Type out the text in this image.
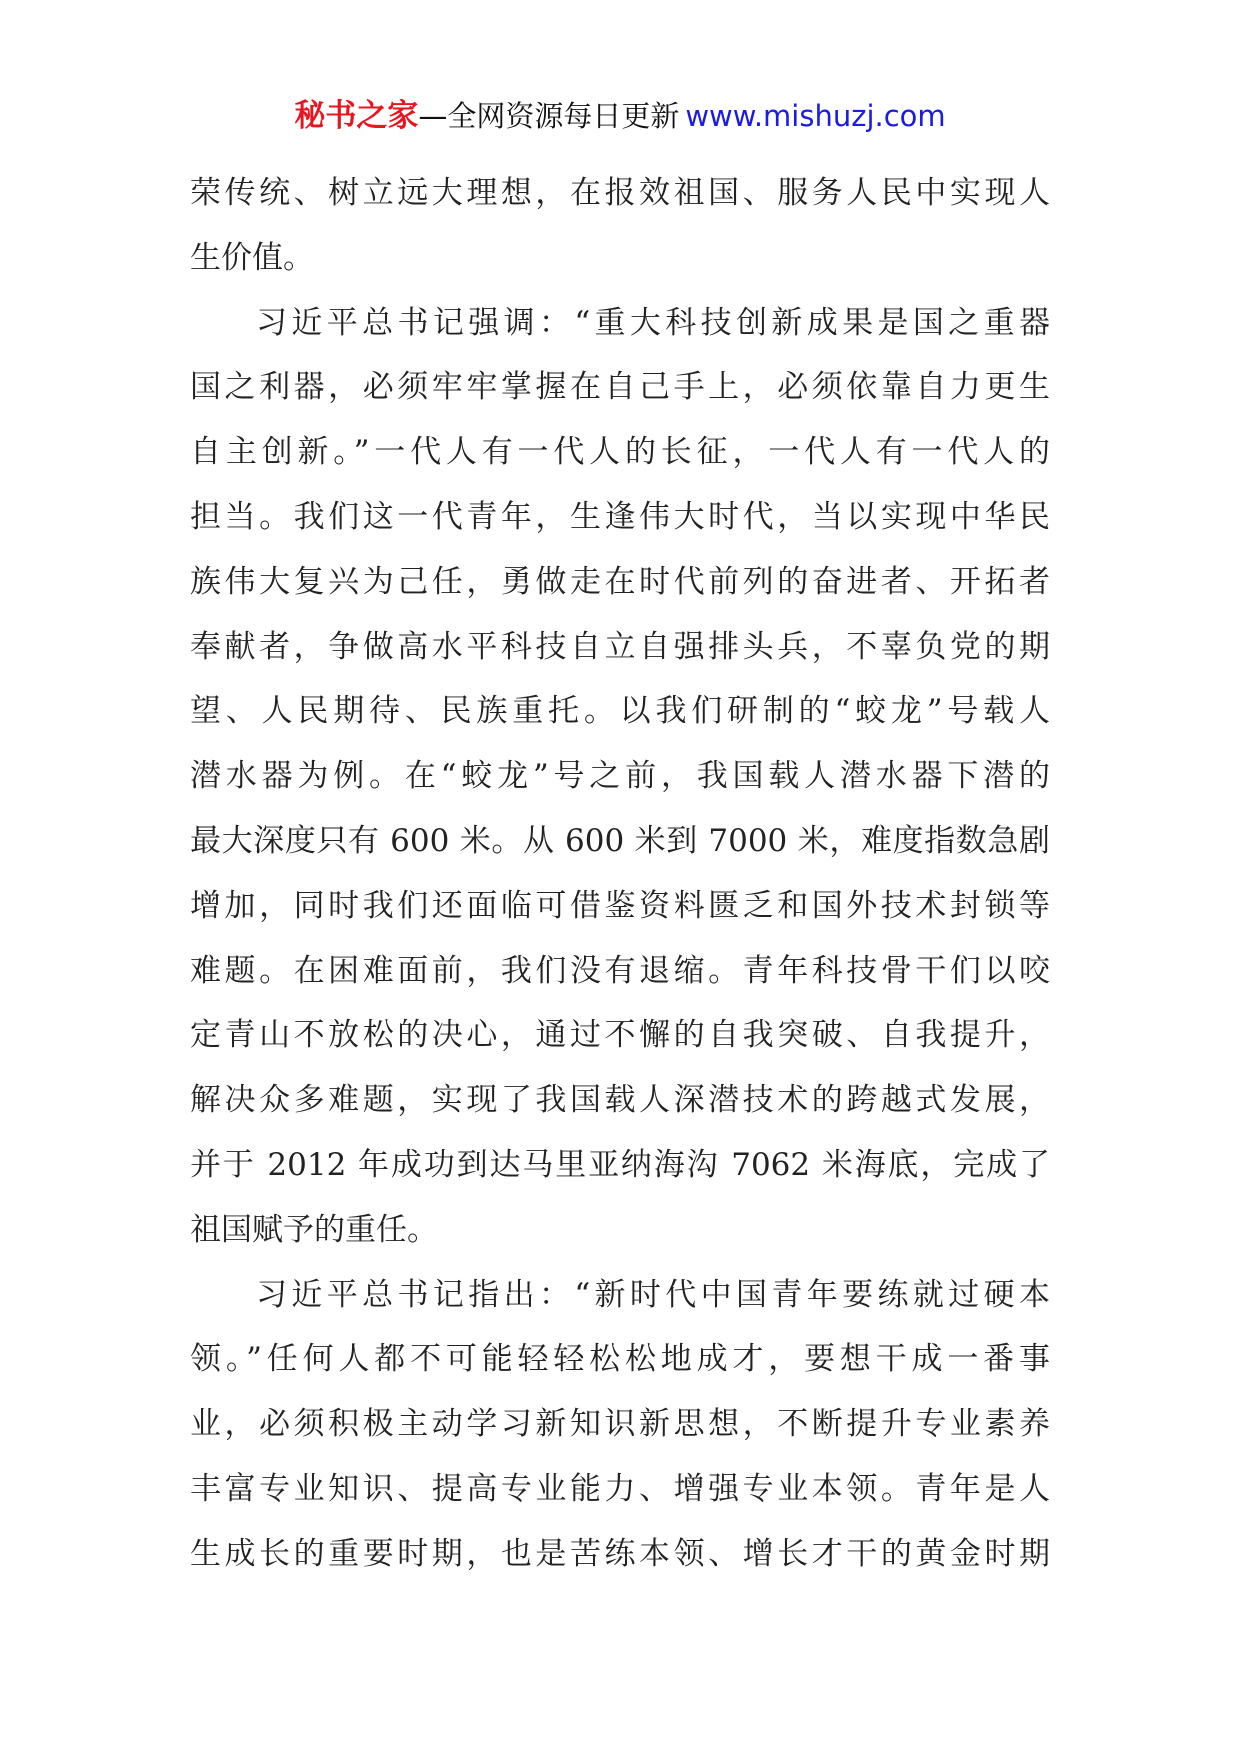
秘书之家—全网资源每日更新 www.mishuzj.com
荣传统、树立远大理想，在报效祖国、服务人民中实现人
生价值。
习近平总书记强调：“重大科技创新成果是国之重器
国之利器，必须牢牢掌握在自己手上，必须依靠自力更生
自主创新。”一代人有一代人的长征，一代人有一代人的
担当。我们这一代青年，生逢伟大时代，当以实现中华民
族伟大复兴为己任，勇做走在时代前列的奋进者、开拓者
奉献者，争做高水平科技自立自强排头兵，不辜负党的期
望、人民期待、民族重托。以我们研制的“蛟龙”号载人
潜水器为例。在“蛟龙”号之前，我国载人潜水器下潜的
最大深度只有 600 米。从 600 米到 7000 米，难度指数急剧
增加，同时我们还面临可借鉴资料匮乏和国外技术封锁等
难题。在困难面前，我们没有退缩。青年科技骨干们以咬
定青山不放松的决心，通过不懈的自我突破、自我提升，
解决众多难题，实现了我国载人深潜技术的跨越式发展，
并于 2012 年成功到达马里亚纳海沟 7062 米海底，完成了
祖国赋予的重任。
习近平总书记指出：“新时代中国青年要练就过硬本
领。”任何人都不可能轻轻松松地成才，要想干成一番事
业，必须积极主动学习新知识新思想，不断提升专业素养
丰富专业知识、提高专业能力、增强专业本领。青年是人
生成长的重要时期，也是苦练本领、增长才干的黄金时期
